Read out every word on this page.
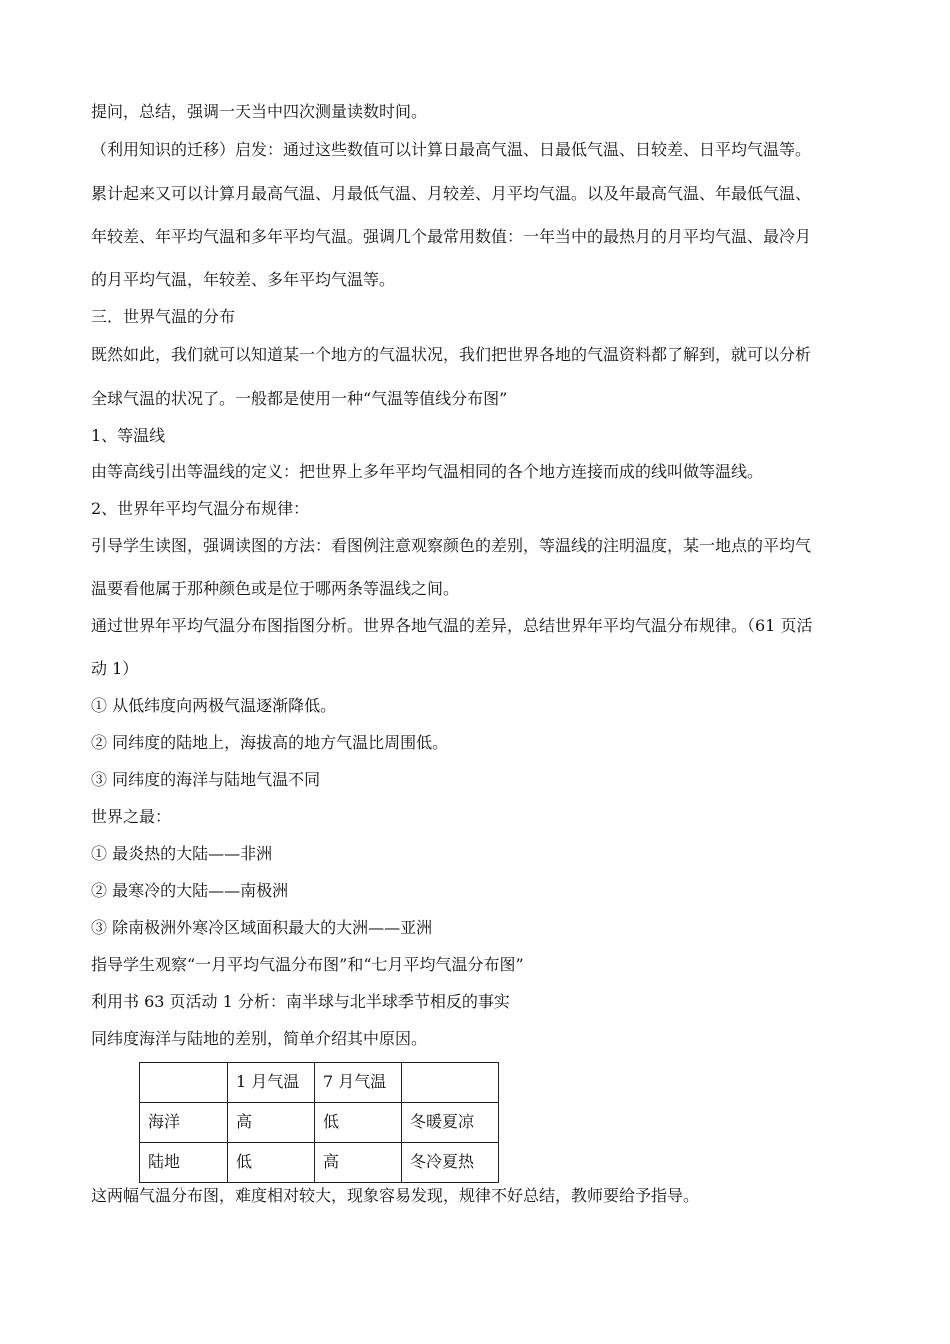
提问，总结，强调一天当中四次测量读数时间。
（利用知识的迁移）启发：通过这些数值可以计算日最高气温、日最低气温、日较差、日平均气温等。
累计起来又可以计算月最高气温、月最低气温、月较差、月平均气温。以及年最高气温、年最低气温、
年较差、年平均气温和多年平均气温。强调几个最常用数值：一年当中的最热月的月平均气温、最冷月
的月平均气温，年较差、多年平均气温等。
三．世界气温的分布
既然如此，我们就可以知道某一个地方的气温状况，我们把世界各地的气温资料都了解到，就可以分析
全球气温的状况了。一般都是使用一种“气温等值线分布图”
1、等温线
由等高线引出等温线的定义：把世界上多年平均气温相同的各个地方连接而成的线叫做等温线。
2、世界年平均气温分布规律：
引导学生读图，强调读图的方法：看图例注意观察颜色的差别，等温线的注明温度，某一地点的平均气
温要看他属于那种颜色或是位于哪两条等温线之间。
通过世界年平均气温分布图指图分析。世界各地气温的差异，总结世界年平均气温分布规律。（61 页活
动 1）
① 从低纬度向两极气温逐渐降低。
② 同纬度的陆地上，海拔高的地方气温比周围低。
③ 同纬度的海洋与陆地气温不同
世界之最：
① 最炎热的大陆——非洲
② 最寒冷的大陆——南极洲
③ 除南极洲外寒冷区域面积最大的大洲——亚洲
指导学生观察“一月平均气温分布图”和“七月平均气温分布图”
利用书 63 页活动 1 分析：南半球与北半球季节相反的事实
同纬度海洋与陆地的差别，简单介绍其中原因。
	1 月气温	7 月气温	
海洋	高	低	冬暖夏凉
陆地	低	高	冬冷夏热
这两幅气温分布图，难度相对较大，现象容易发现，规律不好总结，教师要给予指导。
